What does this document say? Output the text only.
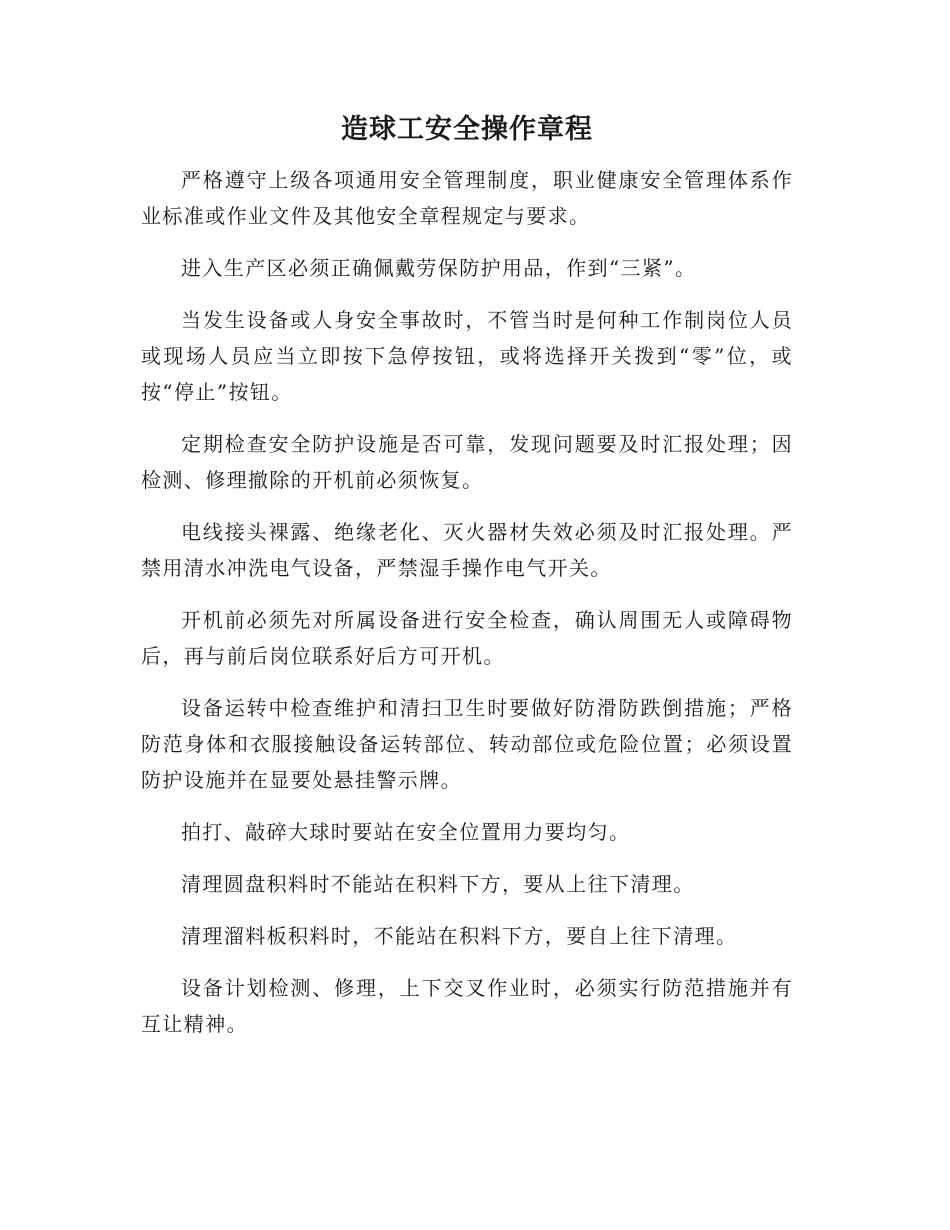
造球工安全操作章程

严格遵守上级各项通用安全管理制度，职业健康安全管理体系作业标准或作业文件及其他安全章程规定与要求。

进入生产区必须正确佩戴劳保防护用品，作到“三紧”。

当发生设备或人身安全事故时，不管当时是何种工作制岗位人员或现场人员应当立即按下急停按钮，或将选择开关拨到“零”位，或按“停止”按钮。

定期检查安全防护设施是否可靠，发现问题要及时汇报处理；因检测、修理撤除的开机前必须恢复。

电线接头裸露、绝缘老化、灭火器材失效必须及时汇报处理。严禁用清水冲洗电气设备，严禁湿手操作电气开关。

开机前必须先对所属设备进行安全检查，确认周围无人或障碍物后，再与前后岗位联系好后方可开机。

设备运转中检查维护和清扫卫生时要做好防滑防跌倒措施；严格防范身体和衣服接触设备运转部位、转动部位或危险位置；必须设置防护设施并在显要处悬挂警示牌。

拍打、敲碎大球时要站在安全位置用力要均匀。

清理圆盘积料时不能站在积料下方，要从上往下清理。

清理溜料板积料时，不能站在积料下方，要自上往下清理。

设备计划检测、修理，上下交叉作业时，必须实行防范措施并有互让精神。
